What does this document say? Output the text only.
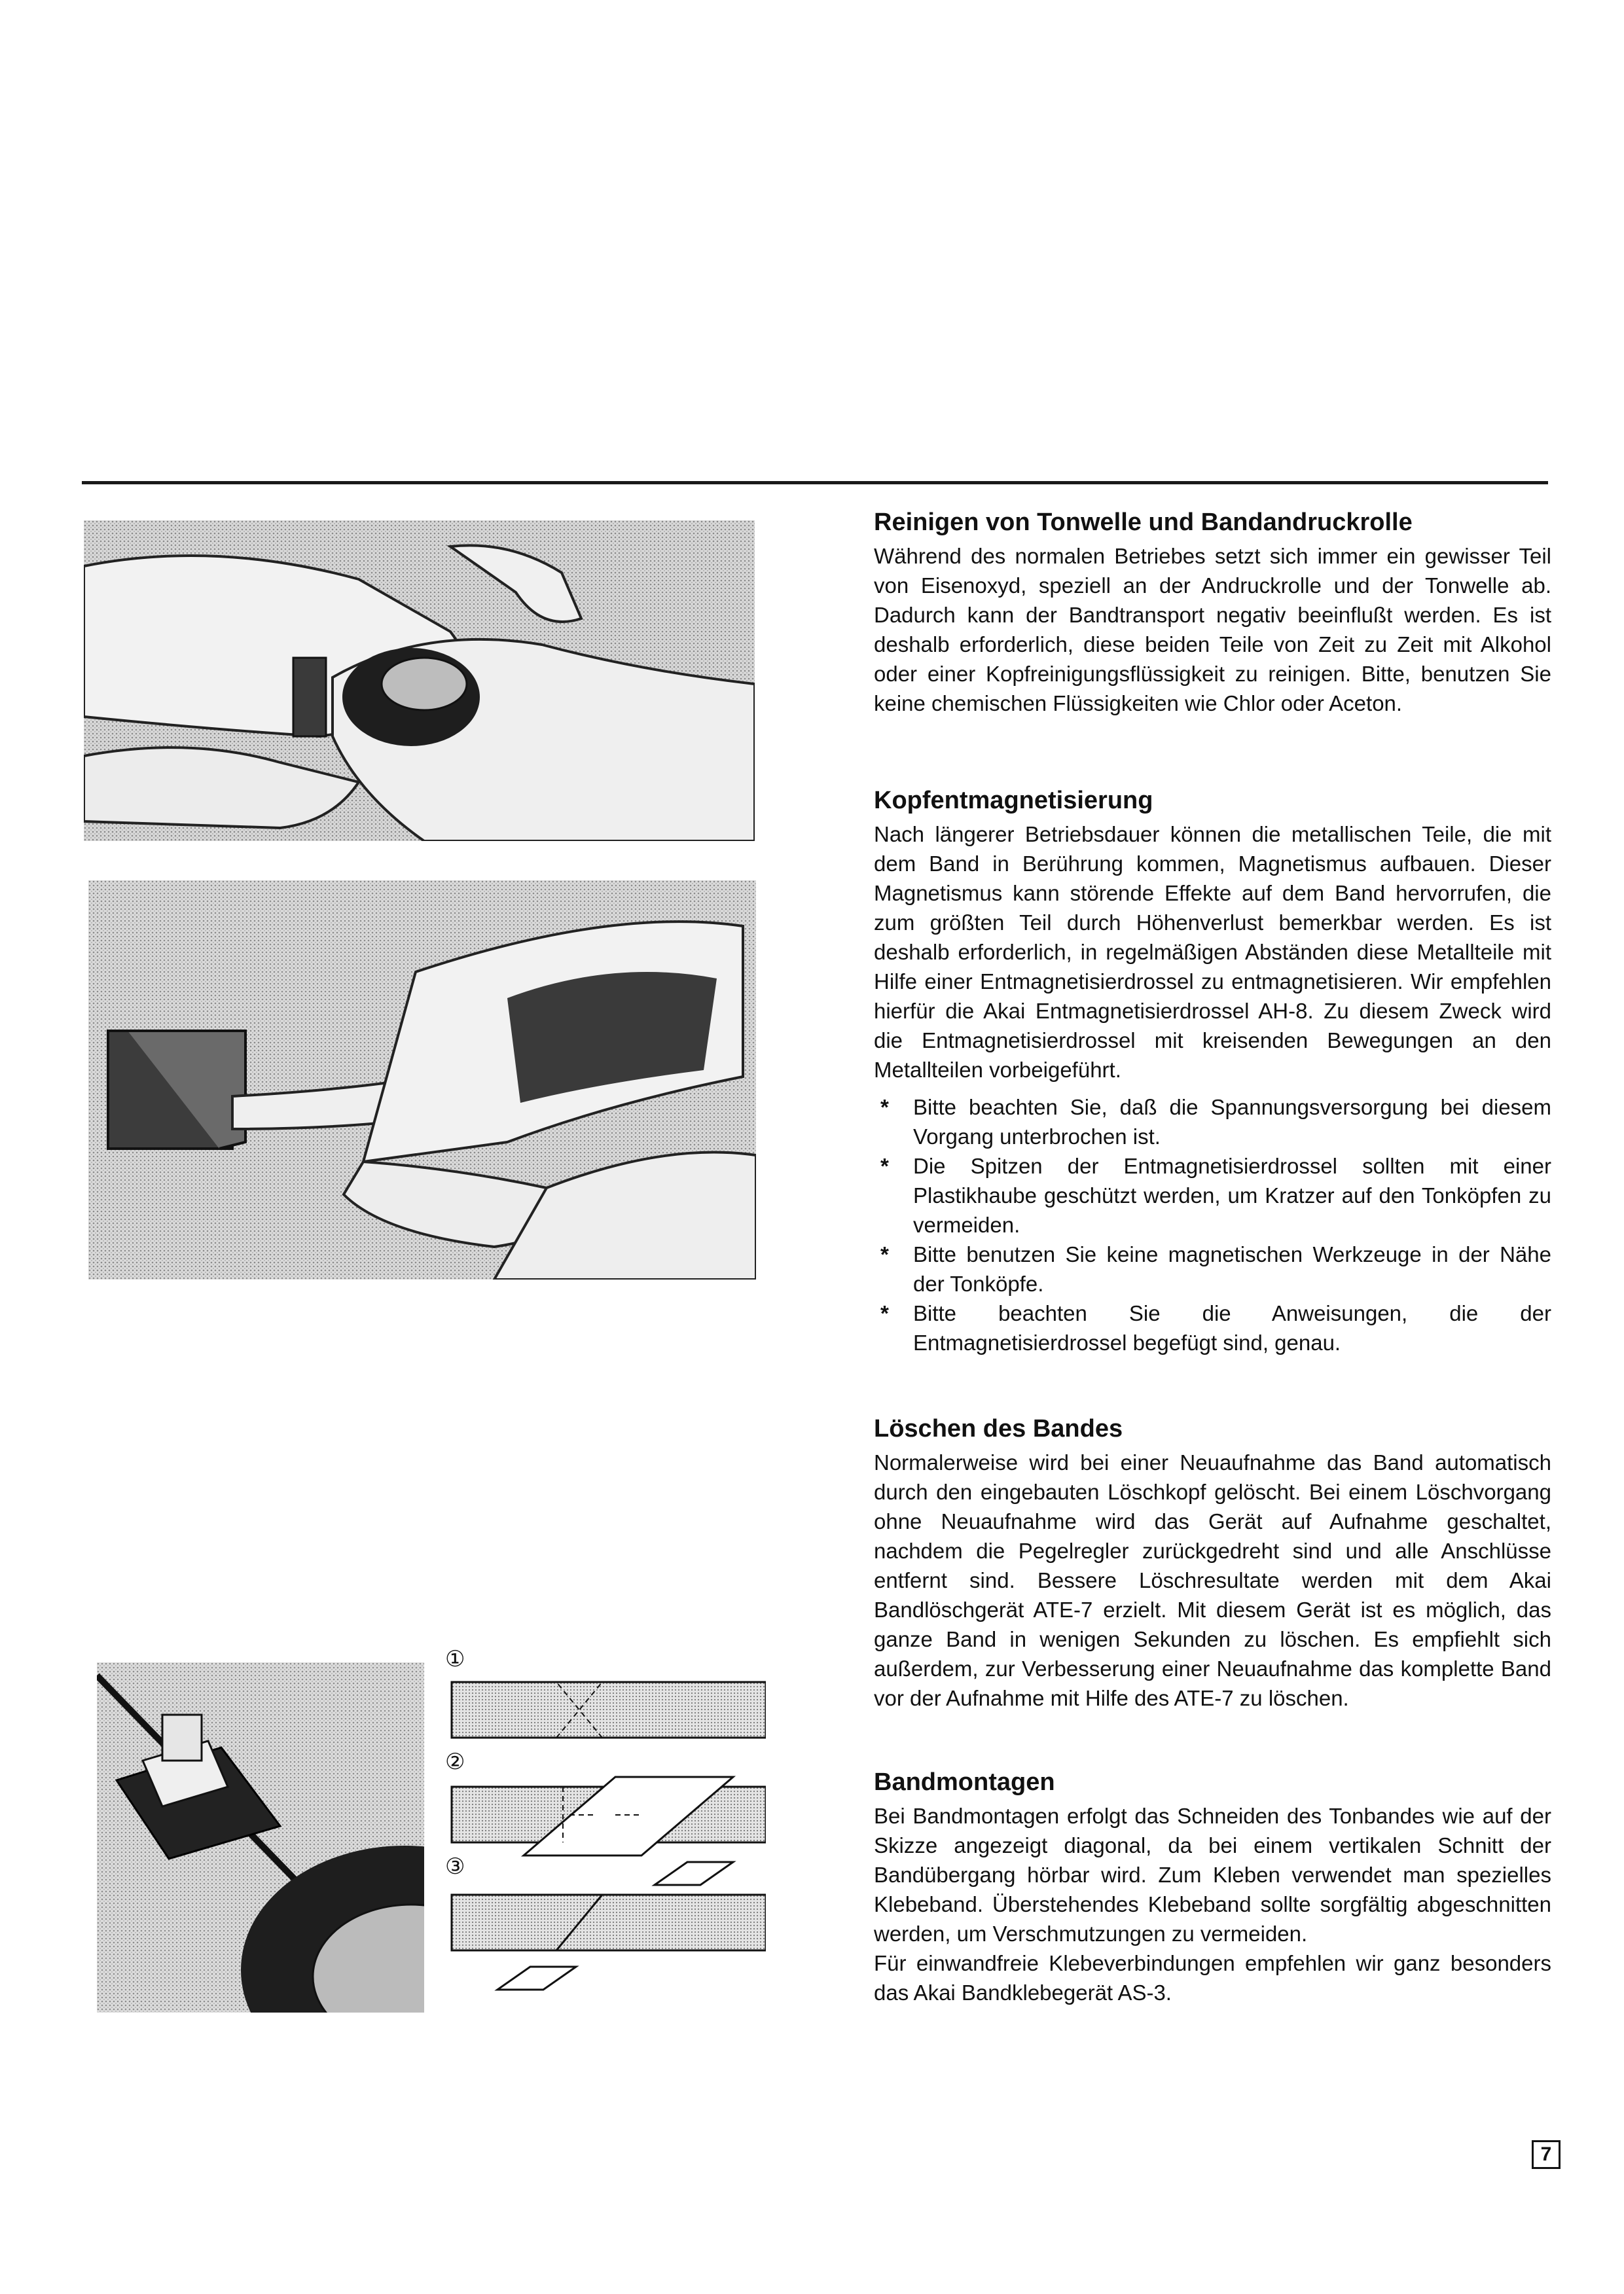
①
②
③
Reinigen von Tonwelle und Bandandruckrolle

Während des normalen Betriebes setzt sich immer ein gewisser Teil von Eisenoxyd, speziell an der Andruckrolle und der Tonwelle ab. Dadurch kann der Bandtransport negativ beeinflußt werden. Es ist deshalb erforderlich, diese beiden Teile von Zeit zu Zeit mit Alkohol oder einer Kopfreinigungsflüssigkeit zu reinigen. Bitte, benutzen Sie keine chemischen Flüssigkeiten wie Chlor oder Aceton.

Kopfentmagnetisierung

Nach längerer Betriebsdauer können die metallischen Teile, die mit dem Band in Berührung kommen, Magnetismus aufbauen. Dieser Magnetismus kann störende Effekte auf dem Band hervorrufen, die zum größten Teil durch Höhenverlust bemerkbar werden. Es ist deshalb erforderlich, in regelmäßigen Abständen diese Metallteile mit Hilfe einer Entmagnetisierdrossel zu entmagnetisieren. Wir empfehlen hierfür die Akai Entmagnetisierdrossel AH-8. Zu diesem Zweck wird die Entmagnetisierdrossel mit kreisenden Bewegungen an den Metallteilen vorbeigeführt.

* Bitte beachten Sie, daß die Spannungsversorgung bei diesem Vorgang unterbrochen ist.
* Die Spitzen der Entmagnetisierdrossel sollten mit einer Plastikhaube geschützt werden, um Kratzer auf den Tonköpfen zu vermeiden.
* Bitte benutzen Sie keine magnetischen Werkzeuge in der Nähe der Tonköpfe.
* Bitte beachten Sie die Anweisungen, die der Entmagnetisierdrossel begefügt sind, genau.
Löschen des Bandes

Normalerweise wird bei einer Neuaufnahme das Band automatisch durch den eingebauten Löschkopf gelöscht. Bei einem Löschvorgang ohne Neuaufnahme wird das Gerät auf Aufnahme geschaltet, nachdem die Pegelregler zurückgedreht sind und alle Anschlüsse entfernt sind. Bessere Löschresultate werden mit dem Akai Bandlöschgerät ATE-7 erzielt. Mit diesem Gerät ist es möglich, das ganze Band in wenigen Sekunden zu löschen. Es empfiehlt sich außerdem, zur Verbesserung einer Neuaufnahme das komplette Band vor der Aufnahme mit Hilfe des ATE-7 zu löschen.

Bandmontagen

Bei Bandmontagen erfolgt das Schneiden des Tonbandes wie auf der Skizze angezeigt diagonal, da bei einem vertikalen Schnitt der Bandübergang hörbar wird. Zum Kleben verwendet man spezielles Klebeband. Überstehendes Klebeband sollte sorgfältig abgeschnitten werden, um Verschmutzungen zu vermeiden.

Für einwandfreie Klebeverbindungen empfehlen wir ganz besonders das Akai Bandklebegerät AS-3.

7
